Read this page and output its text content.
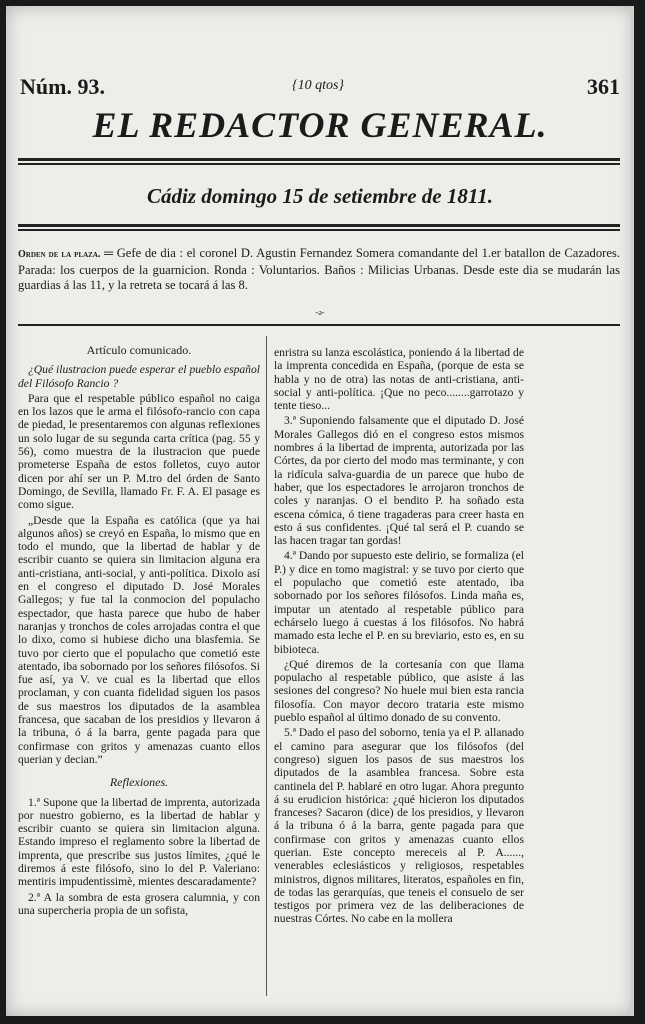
Núm. 93.	{10 qtos}	361
EL REDACTOR GENERAL.
Cádiz domingo 15 de setiembre de 1811.
Orden de la plaza. ═ Gefe de dia : el coronel D. Agustin Fernandez Somera comandante del 1.er batallon de Cazadores. Parada: los cuerpos de la guarnicion. Ronda : Voluntarios. Baños : Milicias Urbanas. Desde este dia se mudarán las guardias á las 11, y la retreta se tocará á las 8.
-ə-
Artículo comunicado.

¿Qué ilustracion puede esperar el pueblo español del Filósofo Rancio ?

Para que el respetable público español no caiga en los lazos que le arma el filósofo-rancio con capa de piedad, le presentaremos con algunas reflexiones un solo lugar de su segunda carta crítica (pag. 55 y 56), como muestra de la ilustracion que puede prometerse España de estos folletos, cuyo autor dicen por ahí ser un P. M.tro del órden de Santo Domingo, de Sevilla, llamado Fr. F. A. El pasage es como sigue.

„Desde que la España es católica (que ya hai algunos años) se creyó en España, lo mismo que en todo el mundo, que la libertad de hablar y de escribir cuanto se quiera sin limitacion alguna era anti-cristiana, anti-social, y anti-política. Dixolo así en el congreso el diputado D. José Morales Gallegos; y fue tal la conmocion del populacho espectador, que hasta parece que hubo de haber naranjas y tronchos de coles arrojadas contra el que lo dixo, como si hubiese dicho una blasfemia. Se tuvo por cierto que el populacho que cometió este atentado, iba sobornado por los señores filósofos. Si fue así, ya V. ve cual es la libertad que ellos proclaman, y con cuanta fidelidad siguen los pasos de sus maestros los diputados de la asamblea francesa, que sacaban de los presidios y llevaron á la tribuna, ó á la barra, gente pagada para que confirmase con gritos y amenazas cuanto ellos querian y decian.”

Reflexiones.

1.ª Supone que la libertad de imprenta, autorizada por nuestro gobierno, es la libertad de hablar y escribir cuanto se quiera sin limitacion alguna. Estando impreso el reglamento sobre la libertad de imprenta, que prescribe sus justos límites, ¿qué le diremos á este filósofo, sino lo del P. Valeriano: mentiris impudentissimè, mientes descaradamente?

2.ª A la sombra de esta grosera calumnia, y con una supercheria propia de un sofista,

enristra su lanza escolástica, poniendo á la libertad de la imprenta concedida en España, (porque de esta se habla y no de otra) las notas de anti-cristiana, anti-social y anti-política. ¡Que no peco........garrotazo y tente tieso...

3.ª Suponiendo falsamente que el diputado D. José Morales Gallegos dió en el congreso estos mismos nombres á la libertad de imprenta, autorizada por las Córtes, da por cierto del modo mas terminante, y con la ridícula salva-guardia de un parece que hubo de haber, que los espectadores le arrojaron tronchos de coles y naranjas. O el bendito P. ha soñado esta escena cómica, ó tiene tragaderas para creer hasta en esto á sus confidentes. ¡Qué tal será el P. cuando se las hacen tragar tan gordas!

4.ª Dando por supuesto este delirio, se formaliza (el P.) y dice en tomo magistral: y se tuvo por cierto que el populacho que cometió este atentado, iba sobornado por los señores filósofos. Linda maña es, imputar un atentado al respetable público para echárselo luego á cuestas á los filósofos. No habrá mamado esta leche el P. en su breviario, esto es, en su bibioteca.

¿Qué diremos de la cortesanía con que llama populacho al respetable público, que asiste á las sesiones del congreso? No huele mui bien esta rancia filosofía. Con mayor decoro trataria este mismo pueblo español al último donado de su convento.

5.ª Dado el paso del soborno, tenia ya el P. allanado el camino para asegurar que los filósofos (del congreso) siguen los pasos de sus maestros los diputados de la asamblea francesa. Sobre esta cantinela del P. hablaré en otro lugar. Ahora pregunto á su erudicion histórica: ¿qué hicieron los diputados franceses? Sacaron (dice) de los presidios, y llevaron á la tribuna ó á la barra, gente pagada para que confirmase con gritos y amenazas cuanto ellos querian. Este concepto mereceis al P. A......, venerables eclesiásticos y religiosos, respetables ministros, dignos militares, literatos, españoles en fin, de todas las gerarquías, que teneis el consuelo de ser testigos por primera vez de las deliberaciones de nuestras Córtes. No cabe en la mollera
